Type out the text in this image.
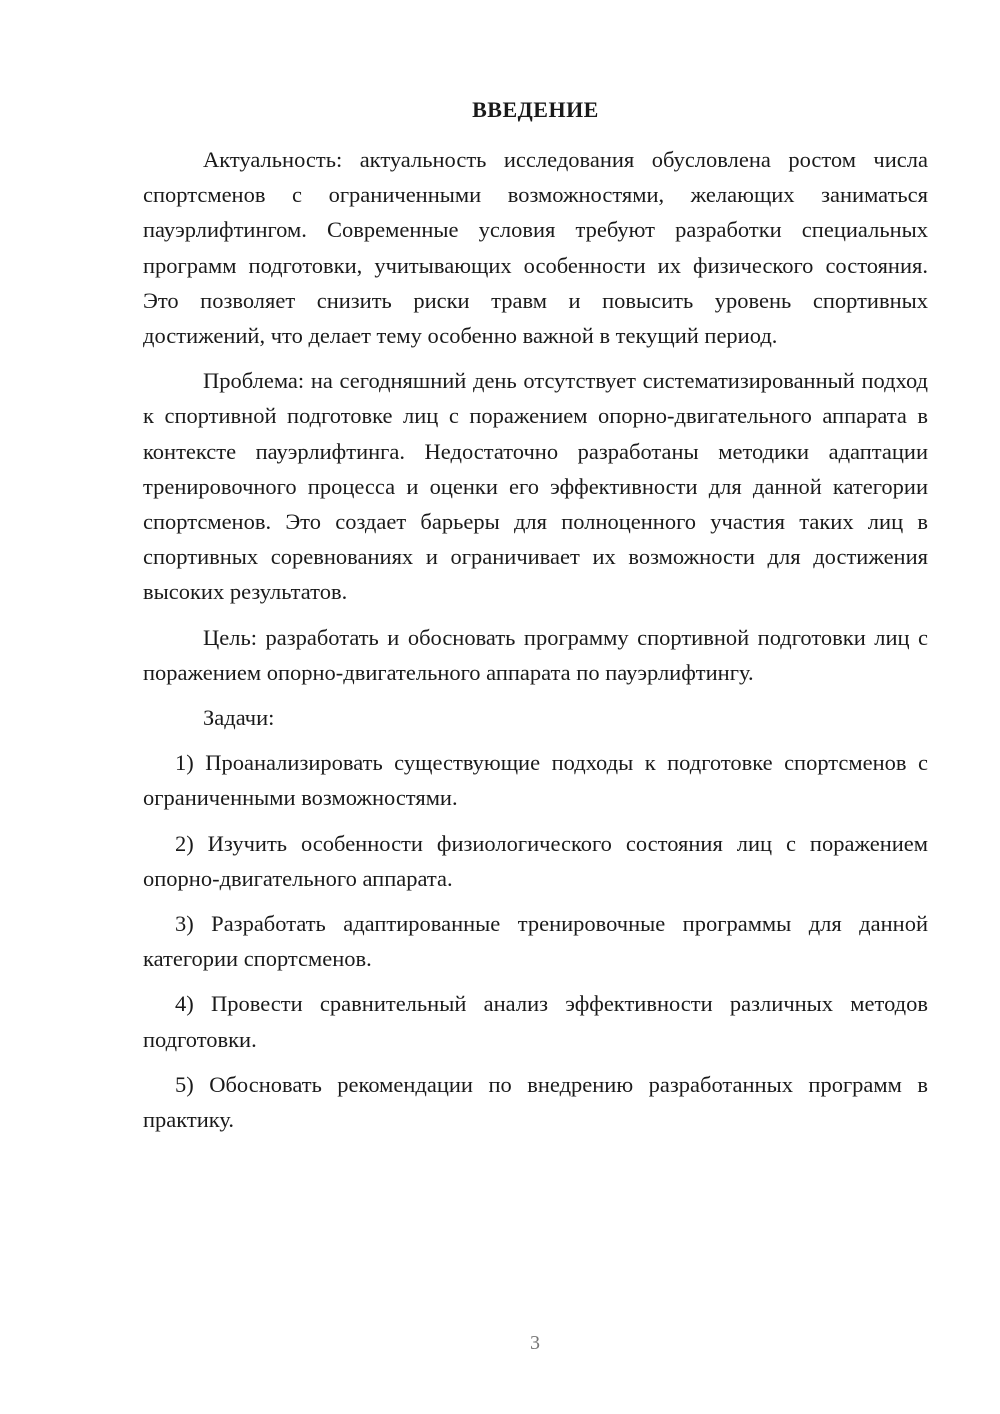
ВВЕДЕНИЕ

Актуальность: актуальность исследования обусловлена ростом числа спортсменов с ограниченными возможностями, желающих заниматься пауэрлифтингом. Современные условия требуют разработки специальных программ подготовки, учитывающих особенности их физического состояния. Это позволяет снизить риски травм и повысить уровень спортивных достижений, что делает тему особенно важной в текущий период.

Проблема: на сегодняшний день отсутствует систематизированный подход к спортивной подготовке лиц с поражением опорно-двигательного аппарата в контексте пауэрлифтинга. Недостаточно разработаны методики адаптации тренировочного процесса и оценки его эффективности для данной категории спортсменов. Это создает барьеры для полноценного участия таких лиц в спортивных соревнованиях и ограничивает их возможности для достижения высоких результатов.

Цель: разработать и обосновать программу спортивной подготовки лиц с поражением опорно-двигательного аппарата по пауэрлифтингу.

Задачи:

1) Проанализировать существующие подходы к подготовке спортсменов с ограниченными возможностями.

2) Изучить особенности физиологического состояния лиц с поражением опорно-двигательного аппарата.

3) Разработать адаптированные тренировочные программы для данной категории спортсменов.

4) Провести сравнительный анализ эффективности различных методов подготовки.

5) Обосновать рекомендации по внедрению разработанных программ в практику.

3
